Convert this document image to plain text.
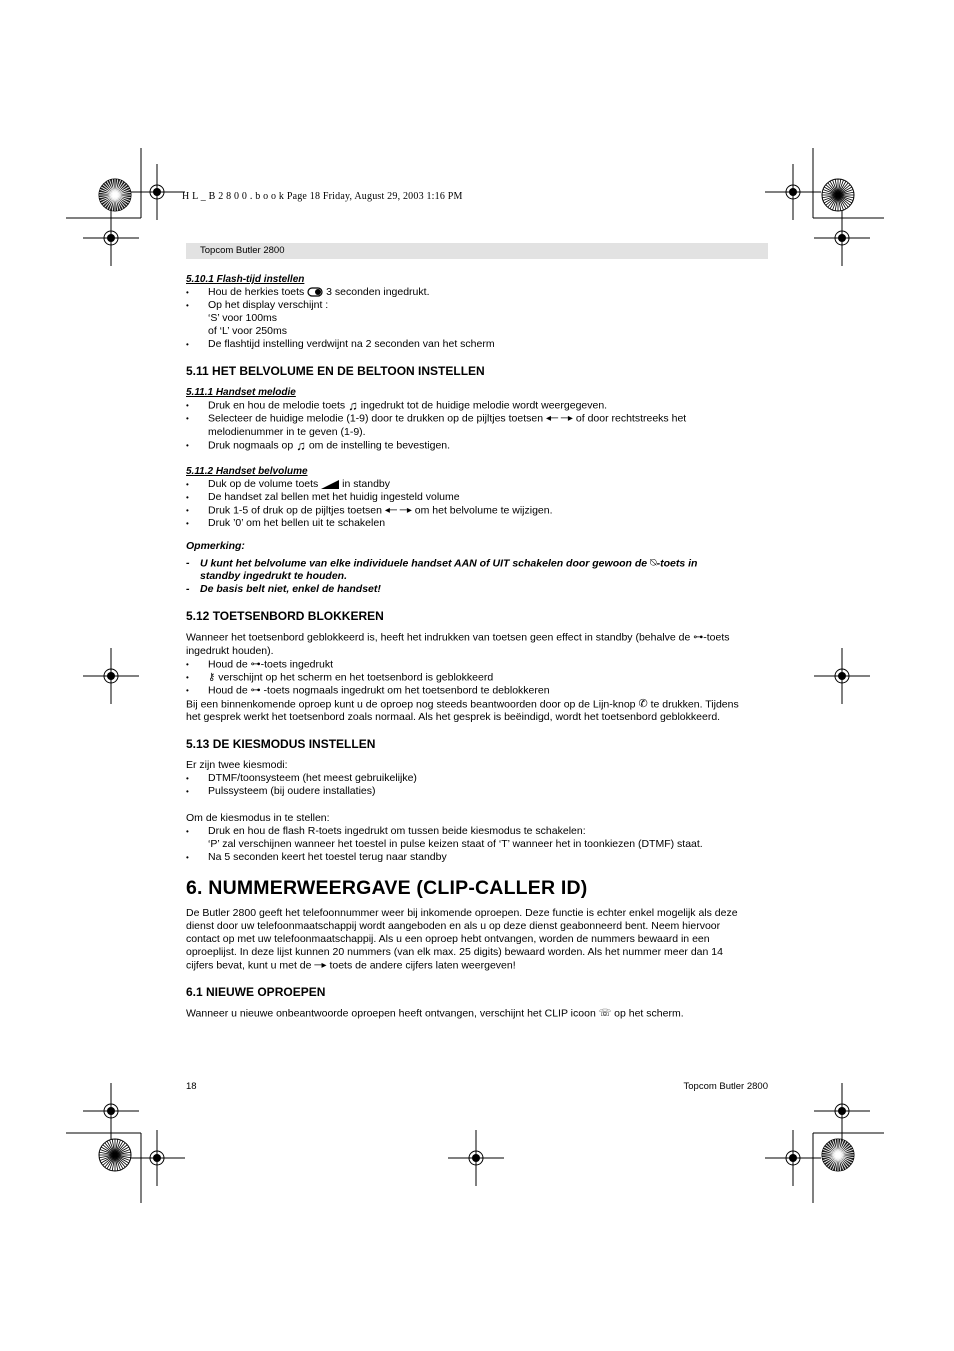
H L _ B 2 8 0 0 . b o o k Page 18 Friday, August 29, 2003 1:16 PM
Topcom Butler 2800

5.10.1 Flash-tijd instellen

• Hou de herkies toets 3 seconden ingedrukt.

• Op het display verschijnt :

‘S’ voor 100ms

of ‘L’ voor 250ms

• De flashtijd instelling verdwijnt na 2 seconden van het scherm

5.11 HET BELVOLUME EN DE BELTOON INSTELLEN

5.11.1 Handset melodie

• Druk en hou de melodie toets ♫ ingedrukt tot de huidige melodie wordt weergegeven.

• Selecteer de huidige melodie (1-9) door te drukken op de pijltjes toetsen ◂─ ─▸ of door rechtstreeks het

melodienummer in te geven (1-9).

• Druk nogmaals op ♫ om de instelling te bevestigen.

5.11.2 Handset belvolume

• Duk op de volume toets in standby

• De handset zal bellen met het huidig ingesteld volume

• Druk 1-5 of druk op de pijltjes toetsen ◂─ ─▸ om het belvolume te wijzigen.

• Druk ’0’ om het bellen uit te schakelen

Opmerking:

- U kunt het belvolume van elke individuele handset AAN of UIT schakelen door gewoon de ⍉-toets in

standby ingedrukt te houden.

- De basis belt niet, enkel de handset!

5.12 TOETSENBORD BLOKKEREN

Wanneer het toetsenbord geblokkeerd is, heeft het indrukken van toetsen geen effect in standby (behalve de ⊶-toets

ingedrukt houden).

• Houd de ⊶-toets ingedrukt

• ⚷ verschijnt op het scherm en het toetsenbord is geblokkeerd

• Houd de ⊶ -toets nogmaals ingedrukt om het toetsenbord te deblokkeren

Bij een binnenkomende oproep kunt u de oproep nog steeds beantwoorden door op de Lijn-knop ✆ te drukken. Tijdens

het gesprek werkt het toetsenbord zoals normaal. Als het gesprek is beëindigd, wordt het toetsenbord geblokkeerd.

5.13 DE KIESMODUS INSTELLEN

Er zijn twee kiesmodi:

• DTMF/toonsysteem (het meest gebruikelijke)

• Pulssysteem (bij oudere installaties)

Om de kiesmodus in te stellen:

• Druk en hou de flash R-toets ingedrukt om tussen beide kiesmodus te schakelen:

‘P’ zal verschijnen wanneer het toestel in pulse keizen staat of ‘T’ wanneer het in toonkiezen (DTMF) staat.

• Na 5 seconden keert het toestel terug naar standby

6. NUMMERWEERGAVE (CLIP-CALLER ID)

De Butler 2800 geeft het telefoonnummer weer bij inkomende oproepen. Deze functie is echter enkel mogelijk als deze

dienst door uw telefoonmaatschappij wordt aangeboden en als u op deze dienst geabonneerd bent. Neem hiervoor

contact op met uw telefoonmaatschappij. Als u een oproep hebt ontvangen, worden de nummers bewaard in een

oproeplijst. In deze lijst kunnen 20 nummers (van elk max. 25 digits) bewaard worden. Als het nummer meer dan 14

cijfers bevat, kunt u met de ─▸ toets de andere cijfers laten weergeven!

6.1 NIEUWE OPROEPEN

Wanneer u nieuwe onbeantwoorde oproepen heeft ontvangen, verschijnt het CLIP icoon ☏ op het scherm.

18	Topcom Butler 2800
